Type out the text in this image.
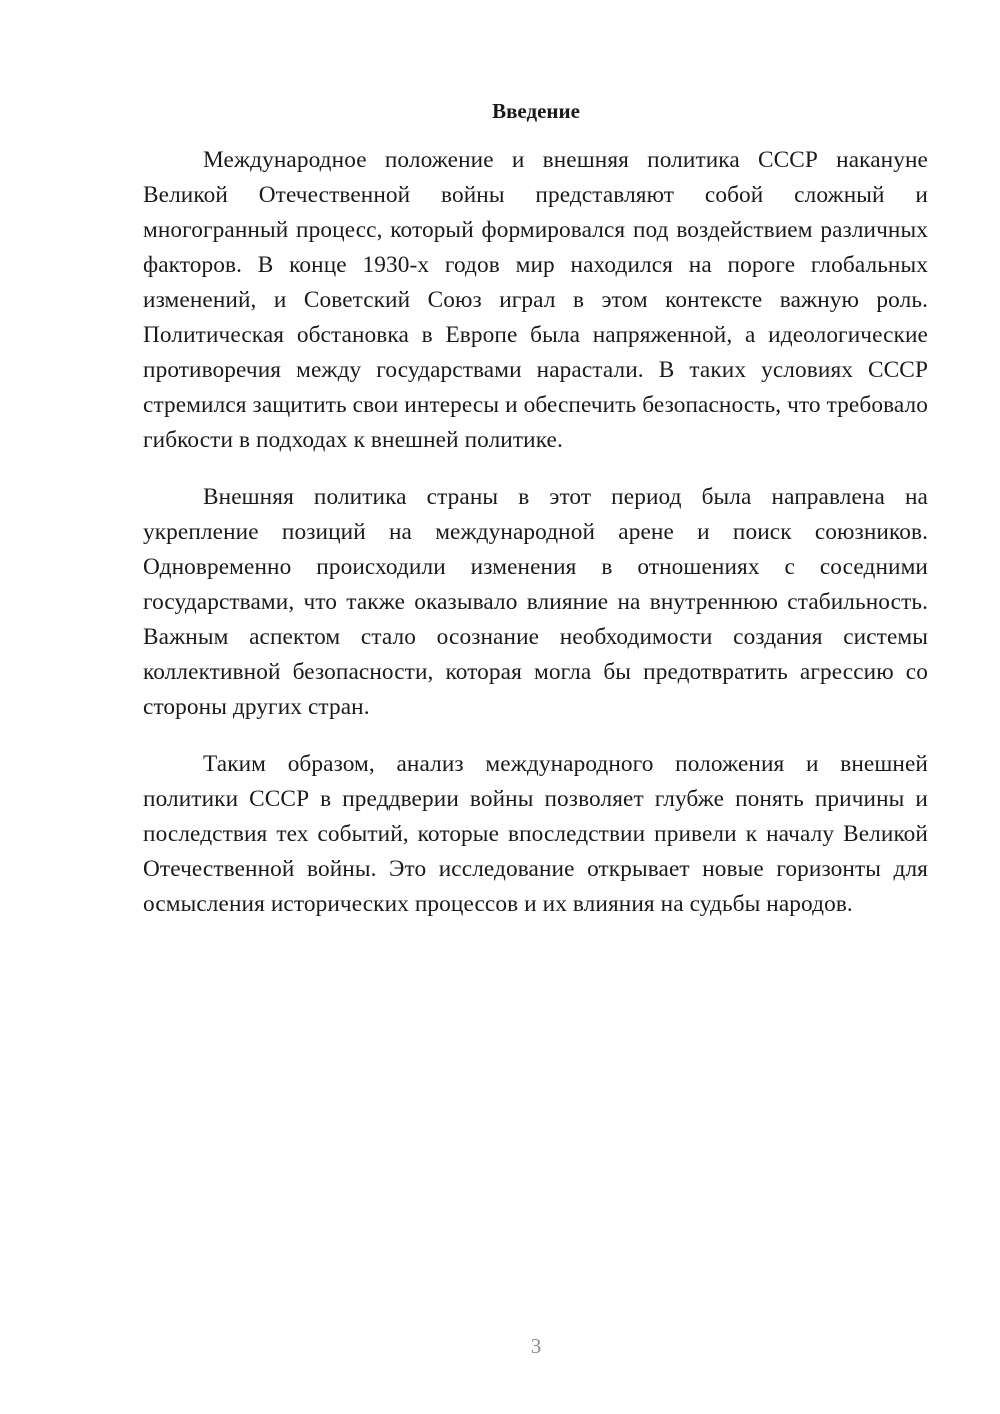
Введение

Международное положение и внешняя политика СССР накануне Великой Отечественной войны представляют собой сложный и многогранный процесс, который формировался под воздействием различных факторов. В конце 1930-х годов мир находился на пороге глобальных изменений, и Советский Союз играл в этом контексте важную роль. Политическая обстановка в Европе была напряженной, а идеологические противоречия между государствами нарастали. В таких условиях СССР стремился защитить свои интересы и обеспечить безопасность, что требовало гибкости в подходах к внешней политике.

Внешняя политика страны в этот период была направлена на укрепление позиций на международной арене и поиск союзников. Одновременно происходили изменения в отношениях с соседними государствами, что также оказывало влияние на внутреннюю стабильность. Важным аспектом стало осознание необходимости создания системы коллективной безопасности, которая могла бы предотвратить агрессию со стороны других стран.

Таким образом, анализ международного положения и внешней политики СССР в преддверии войны позволяет глубже понять причины и последствия тех событий, которые впоследствии привели к началу Великой Отечественной войны. Это исследование открывает новые горизонты для осмысления исторических процессов и их влияния на судьбы народов.

3
